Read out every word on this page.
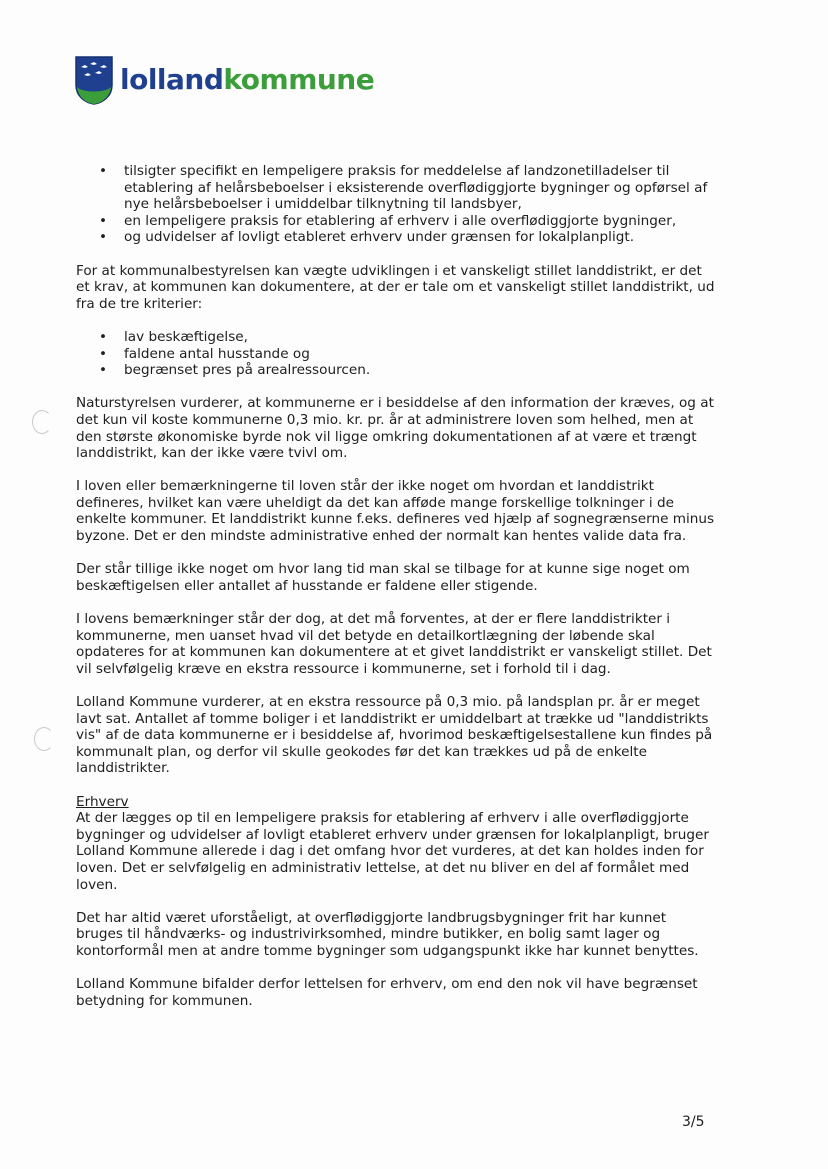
lollandkommune
• tilsigter specifikt en lempeligere praksis for meddelelse af landzonetilladelser til etablering af helårsbeboelser i eksisterende overflødiggjorte bygninger og opførsel af nye helårsbeboelser i umiddelbar tilknytning til landsbyer,
• en lempeligere praksis for etablering af erhverv i alle overflødiggjorte bygninger,
• og udvidelser af lovligt etableret erhverv under grænsen for lokalplanpligt.

For at kommunalbestyrelsen kan vægte udviklingen i et vanskeligt stillet landdistrikt, er det et krav, at kommunen kan dokumentere, at der er tale om et vanskeligt stillet landdistrikt, ud fra de tre kriterier:

• lav beskæftigelse,
• faldene antal husstande og
• begrænset pres på arealressourcen.

Naturstyrelsen vurderer, at kommunerne er i besiddelse af den information der kræves, og at det kun vil koste kommunerne 0,3 mio. kr. pr. år at administrere loven som helhed, men at den største økonomiske byrde nok vil ligge omkring dokumentationen af at være et trængt landdistrikt, kan der ikke være tvivl om.

I loven eller bemærkningerne til loven står der ikke noget om hvordan et landdistrikt defineres, hvilket kan være uheldigt da det kan afføde mange forskellige tolkninger i de enkelte kommuner. Et landdistrikt kunne f.eks. defineres ved hjælp af sognegrænserne minus byzone. Det er den mindste administrative enhed der normalt kan hentes valide data fra.

Der står tillige ikke noget om hvor lang tid man skal se tilbage for at kunne sige noget om beskæftigelsen eller antallet af husstande er faldene eller stigende.

I lovens bemærkninger står der dog, at det må forventes, at der er flere landdistrikter i kommunerne, men uanset hvad vil det betyde en detailkortlægning der løbende skal opdateres for at kommunen kan dokumentere at et givet landdistrikt er vanskeligt stillet. Det vil selvfølgelig kræve en ekstra ressource i kommunerne, set i forhold til i dag.

Lolland Kommune vurderer, at en ekstra ressource på 0,3 mio. på landsplan pr. år er meget lavt sat. Antallet af tomme boliger i et landdistrikt er umiddelbart at trække ud "landdistrikts vis" af de data kommunerne er i besiddelse af, hvorimod beskæftigelsestallene kun findes på kommunalt plan, og derfor vil skulle geokodes før det kan trækkes ud på de enkelte landdistrikter.

Erhverv

At der lægges op til en lempeligere praksis for etablering af erhverv i alle overflødiggjorte bygninger og udvidelser af lovligt etableret erhverv under grænsen for lokalplanpligt, bruger Lolland Kommune allerede i dag i det omfang hvor det vurderes, at det kan holdes inden for loven. Det er selvfølgelig en administrativ lettelse, at det nu bliver en del af formålet med loven.

Det har altid været uforståeligt, at overflødiggjorte landbrugsbygninger frit har kunnet bruges til håndværks- og industrivirksomhed, mindre butikker, en bolig samt lager og kontorformål men at andre tomme bygninger som udgangspunkt ikke har kunnet benyttes.

Lolland Kommune bifalder derfor lettelsen for erhverv, om end den nok vil have begrænset betydning for kommunen.

3/5
